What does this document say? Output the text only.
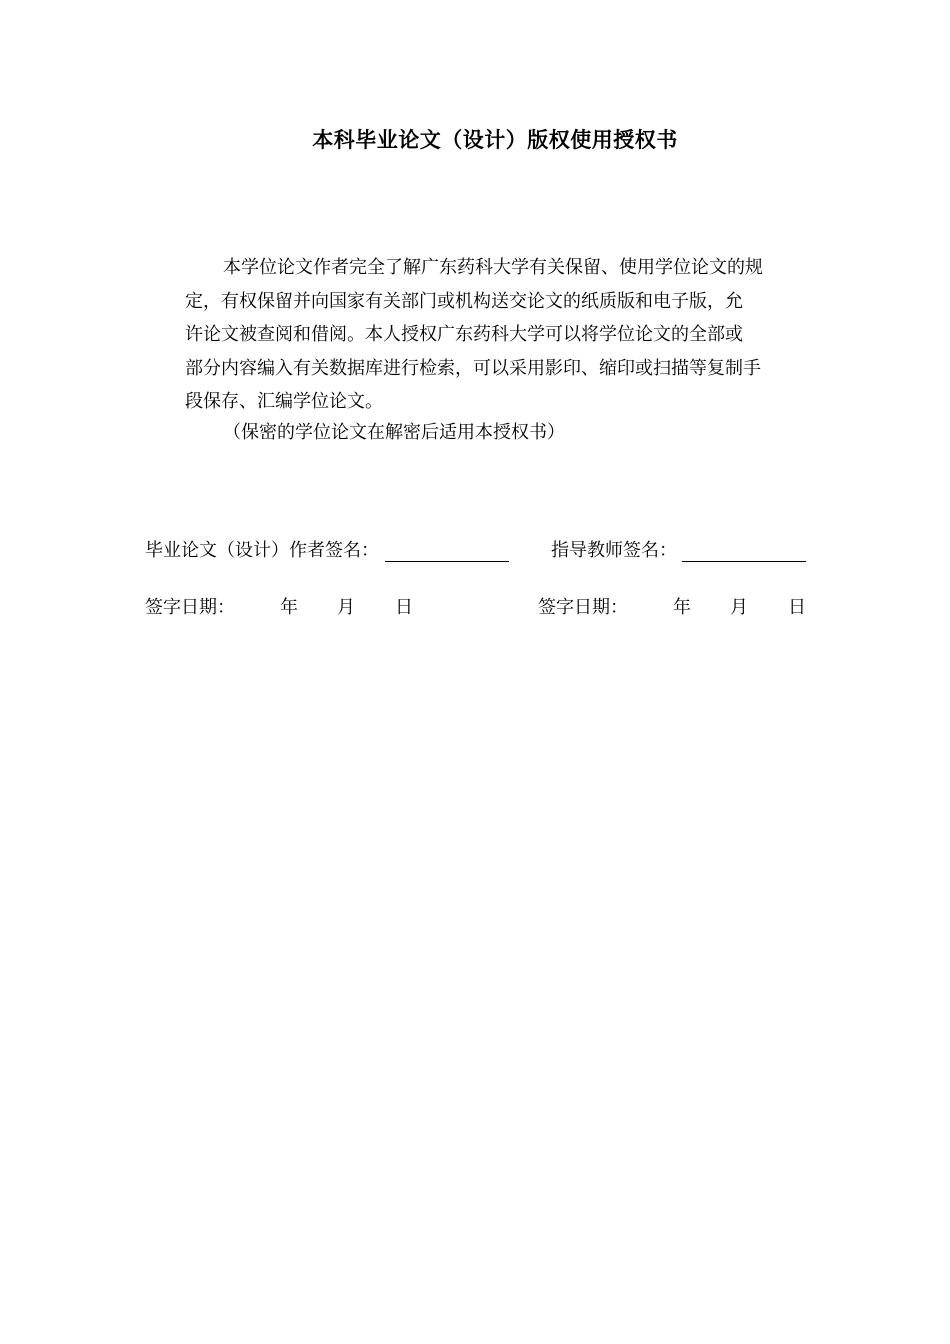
本科毕业论文（设计）版权使用授权书
本学位论文作者完全了解广东药科大学有关保留、使用学位论文的规
定，有权保留并向国家有关部门或机构送交论文的纸质版和电子版，允
许论文被查阅和借阅。本人授权广东药科大学可以将学位论文的全部或
部分内容编入有关数据库进行检索，可以采用影印、缩印或扫描等复制手
段保存、汇编学位论文。
（保密的学位论文在解密后适用本授权书）
毕业论文（设计）作者签名：	指导教师签名：
签字日期：	年 月 日	签字日期：	年 月 日
